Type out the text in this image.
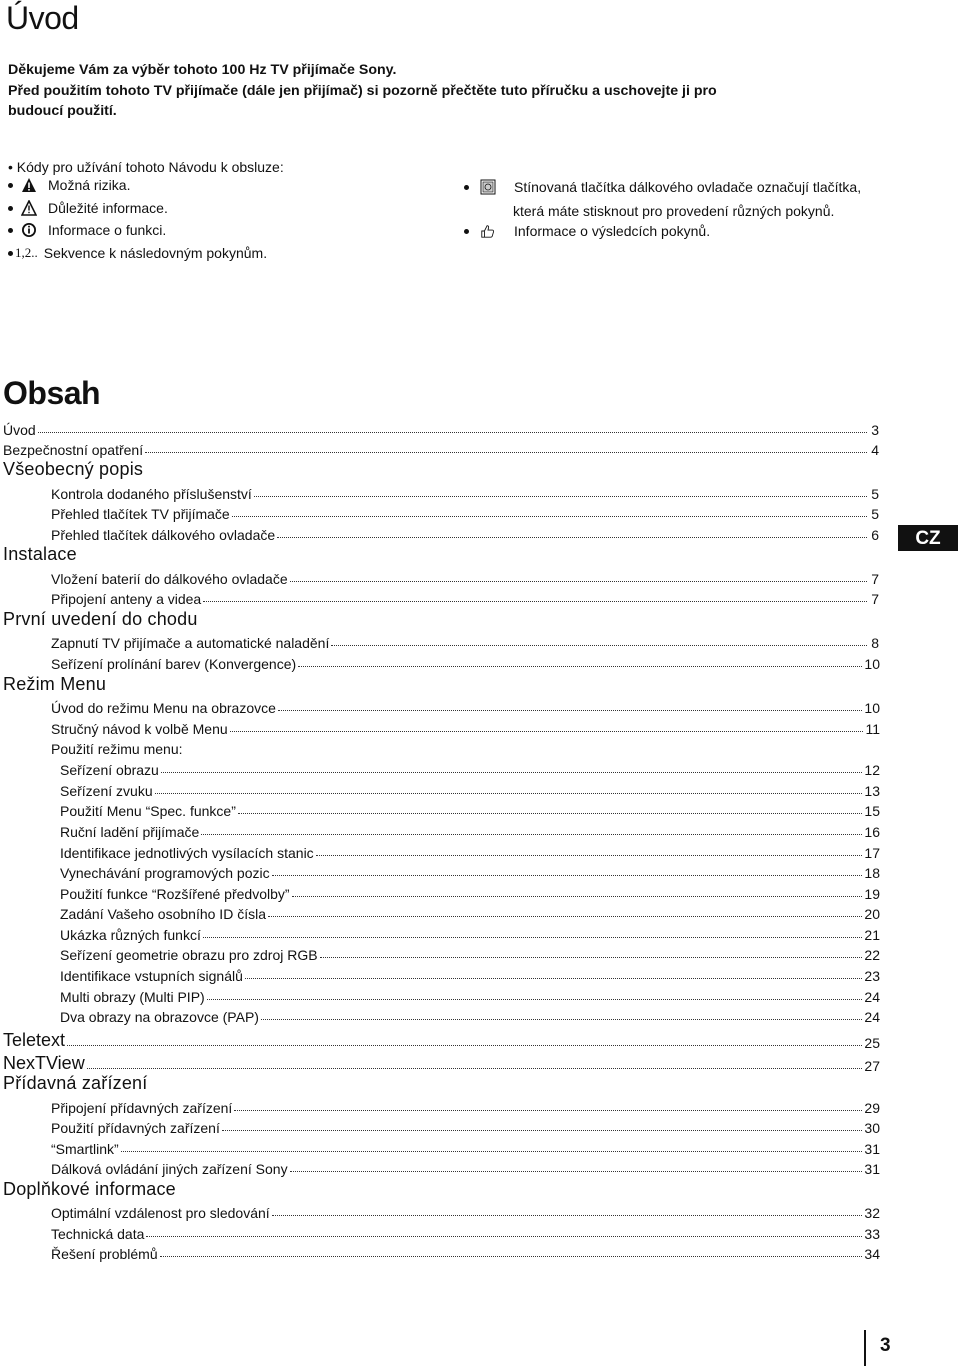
Úvod
Děkujeme Vám za výběr tohoto 100 Hz TV přijímače Sony.
Před použitím tohoto TV přijímače (dále jen přijímač) si pozorně přečtěte tuto příručku a uschovejte ji pro
budoucí použití.
• Kódy pro užívání tohoto Návodu k obsluze:
Možná rizika.
Důležité informace.
Informace o funkci.
1,2.. Sekvence k následovným pokynům.
Stínovaná tlačítka dálkového ovladače označují tlačítka,
která máte stisknout pro provedení různých pokynů.
Informace o výsledcích pokynů.
Obsah
Úvod	3
Bezpečnostní opatření	4
Všeobecný popis
Kontrola dodaného příslušenství	5
Přehled tlačítek TV přijímače	5
Přehled tlačítek dálkového ovladače	6
Instalace
Vložení baterií do dálkového ovladače	7
Připojení anteny a videa	7
První uvedení do chodu
Zapnutí TV přijímače a automatické naladění	8
Seřízení prolínání barev (Konvergence)	10
Režim Menu
Úvod do režimu Menu na obrazovce	10
Stručný návod k volbě Menu	11
Použití režimu menu:
Seřízení obrazu	12
Seřízení zvuku	13
Použití Menu “Spec. funkce”	15
Ruční ladění přijímače	16
Identifikace jednotlivých vysílacích stanic	17
Vynechávání programových pozic	18
Použití funkce “Rozšířené předvolby”	19
Zadání Vašeho osobního ID čísla	20
Ukázka různých funkcí	21
Seřízení geometrie obrazu pro zdroj RGB	22
Identifikace vstupních signálů	23
Multi obrazy (Multi PIP)	24
Dva obrazy na obrazovce (PAP)	24
Teletext	25
NexTView	27
Přídavná zařízení
Připojení přídavných zařízení	29
Použití přídavných zařízení	30
“Smartlink”	31
Dálková ovládání jiných zařízení Sony	31
Doplňkové informace
Optimální vzdálenost pro sledování	32
Technická data	33
Řešení problémů	34
CZ
3
